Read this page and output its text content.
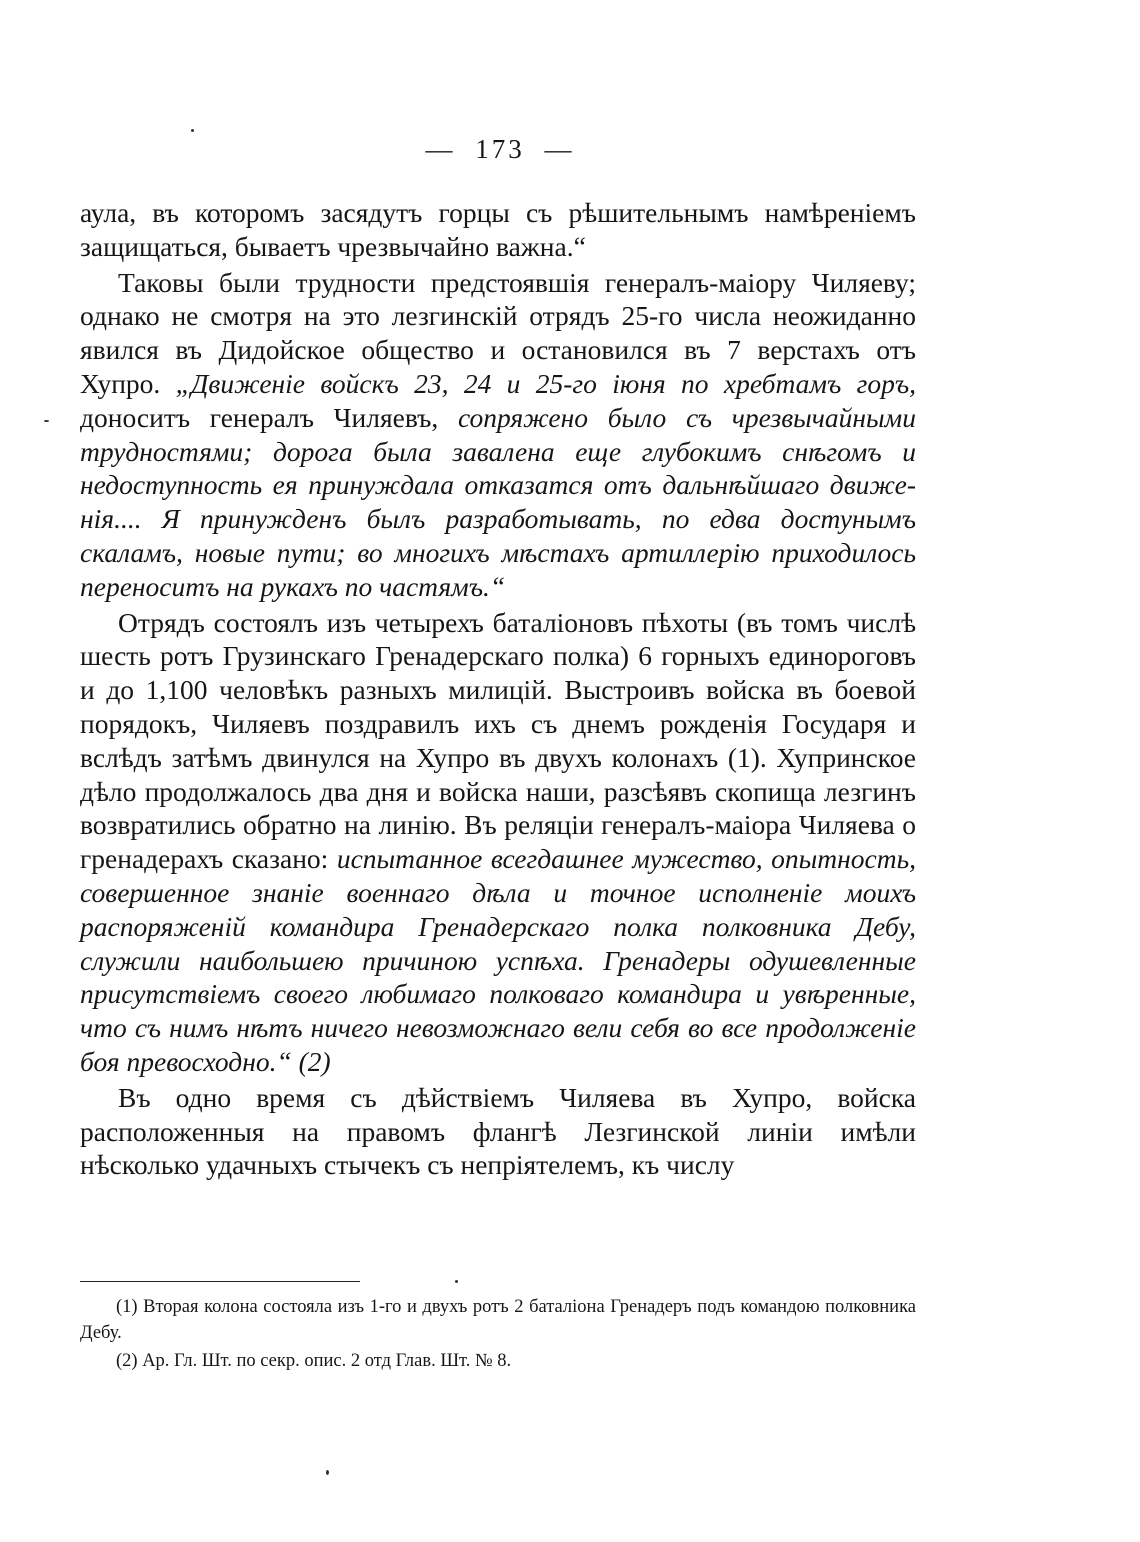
— 173 —

аула, въ которомъ засядутъ горцы съ рѣшительнымъ намѣреніемъ защищаться, бываетъ чрезвычайно важна.“

Таковы были трудности предстоявшія генералъ-маіору Чиляеву; однако не смотря на это лезгинскій отрядъ 25-го числа неожиданно явился въ Дидойское общество и остановился въ 7 верстахъ отъ Хупро. „Движеніе войскъ 23, 24 и 25-го іюня по хребтамъ горъ, доноситъ генералъ Чиляевъ, сопряжено было съ чрезвычайными трудностями; дорога была завалена еще глубокимъ снѣгомъ и недоступность ея принуждала отказатся отъ дальнѣйшаго движенія.... Я принужденъ былъ разработывать, по едва достунымъ скаламъ, новые пути; во многихъ мѣстахъ артиллерію приходилось переноситъ на рукахъ по частямъ.“

Отрядъ состоялъ изъ четырехъ баталіоновъ пѣхоты (въ томъ числѣ шесть ротъ Грузинскаго Гренадерскаго полка) 6 горныхъ единороговъ и до 1,100 человѣкъ разныхъ милицій. Выстроивъ войска въ боевой порядокъ, Чиляевъ поздравилъ ихъ съ днемъ рожденія Государя и вслѣдъ затѣмъ двинулся на Хупро въ двухъ колонахъ (1). Хупринское дѣло продолжалось два дня и войска наши, разсѣявъ скопища лезгинъ возвратились обратно на линію. Въ реляціи генералъ-маіора Чиляева о гренадерахъ сказано: испытанное всегдашнее мужество, опытность, совершенное знаніе военнаго дѣла и точное исполненіе моихъ распоряженій командира Гренадерскаго полка полковника Дебу, служили наибольшею причиною успѣха. Гренадеры одушевленные присутствіемъ своего любимаго полковаго командира и увѣренные, что съ нимъ нѣтъ ничего невозможнаго вели себя во все продолженіе боя превосходно.“ (2)

Въ одно время съ дѣйствіемъ Чиляева въ Хупро, войска расположенныя на правомъ флангѣ Лезгинской линіи имѣли нѣсколько удачныхъ стычекъ съ непріятелемъ, къ числу

(1) Вторая колона состояла изъ 1-го и двухъ ротъ 2 баталіона Гренадеръ подъ командою полковника Дебу.

(2) Ар. Гл. Шт. по секр. опис. 2 отд Глав. Шт. № 8.
